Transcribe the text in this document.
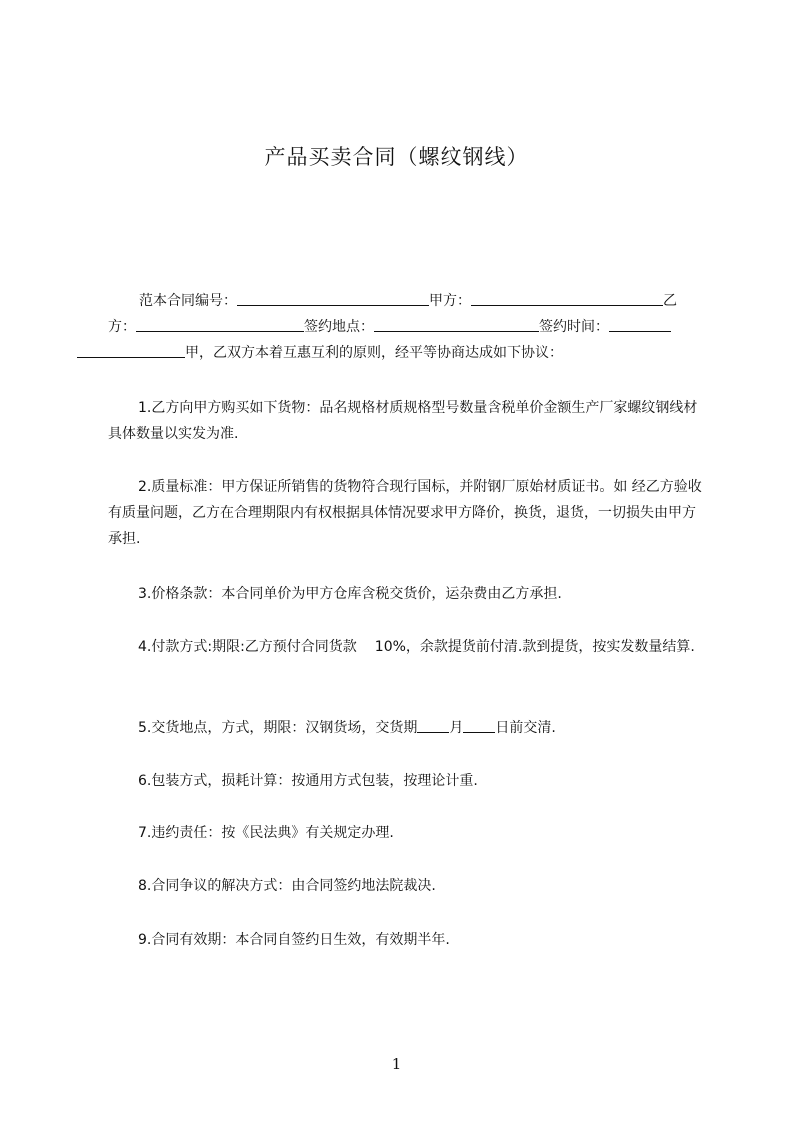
产品买卖合同（螺纹钢线）
范本合同编号：	甲方：	乙方：	签约地点：	签约时间： 甲，乙双方本着互惠互利的原则，经平等协商达成如下协议：
1.乙方向甲方购买如下货物：品名规格材质规格型号数量含税单价金额生产厂家螺纹钢线材具体数量以实发为准.
2.质量标准：甲方保证所销售的货物符合现行国标，并附钢厂原始材质证书。如 经乙方验收有质量问题，乙方在合理期限内有权根据具体情况要求甲方降价，换货，退货，一切损失由甲方承担.
3.价格条款：本合同单价为甲方仓库含税交货价，运杂费由乙方承担.
4.付款方式:期限:乙方预付合同货款 10%，余款提货前付清.款到提货，按实发数量结算.
5.交货地点，方式，期限：汉钢货场，交货期 月 日前交清.
6.包装方式，损耗计算：按通用方式包装，按理论计重.
7.违约责任：按《民法典》有关规定办理.
8.合同争议的解决方式：由合同签约地法院裁决.
9.合同有效期：本合同自签约日生效，有效期半年.
1
